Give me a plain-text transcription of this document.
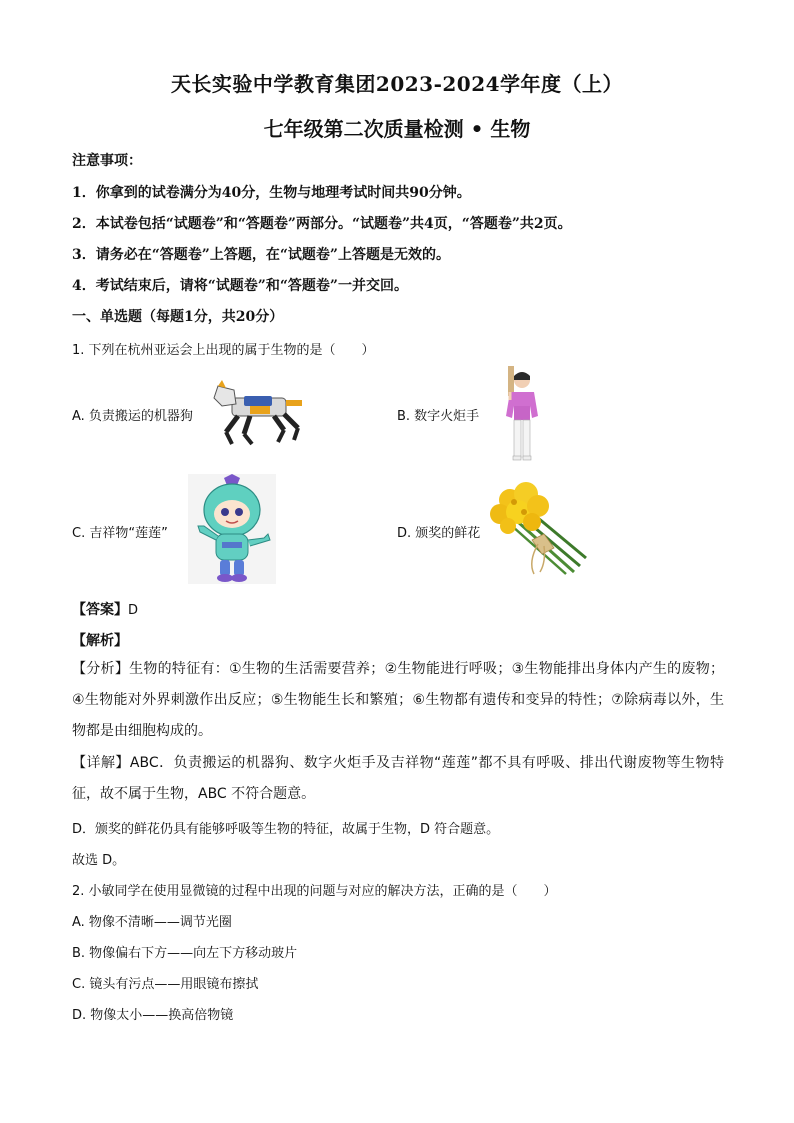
天长实验中学教育集团2023-2024学年度（上）
七年级第二次质量检测 • 生物
注意事项：
1．你拿到的试卷满分为40分，生物与地理考试时间共90分钟。
2．本试卷包括“试题卷”和“答题卷”两部分。“试题卷”共4页，“答题卷”共2页。
3．请务必在“答题卷”上答题，在“试题卷”上答题是无效的。
4．考试结束后，请将“试题卷”和“答题卷”一并交回。
一、单选题（每题1分，共20分）
1. 下列在杭州亚运会上出现的属于生物的是（　　）
A. 负责搬运的机器狗	B. 数字火炬手
C. 吉祥物“莲莲”	D. 颁奖的鲜花
【答案】D
【解析】
【分析】生物的特征有：①生物的生活需要营养；②生物能进行呼吸；③生物能排出身体内产生的废物；④生物能对外界刺激作出反应；⑤生物能生长和繁殖；⑥生物都有遗传和变异的特性；⑦除病毒以外，生物都是由细胞构成的。
【详解】ABC．负责搬运的机器狗、数字火炬手及吉祥物“莲莲”都不具有呼吸、排出代谢废物等生物特征，故不属于生物，ABC 不符合题意。
D．颁奖的鲜花仍具有能够呼吸等生物的特征，故属于生物，D 符合题意。
故选 D。
2. 小敏同学在使用显微镜的过程中出现的问题与对应的解决方法，正确的是（　　）
A. 物像不清晰——调节光圈
B. 物像偏右下方——向左下方移动玻片
C. 镜头有污点——用眼镜布擦拭
D. 物像太小——换高倍物镜
